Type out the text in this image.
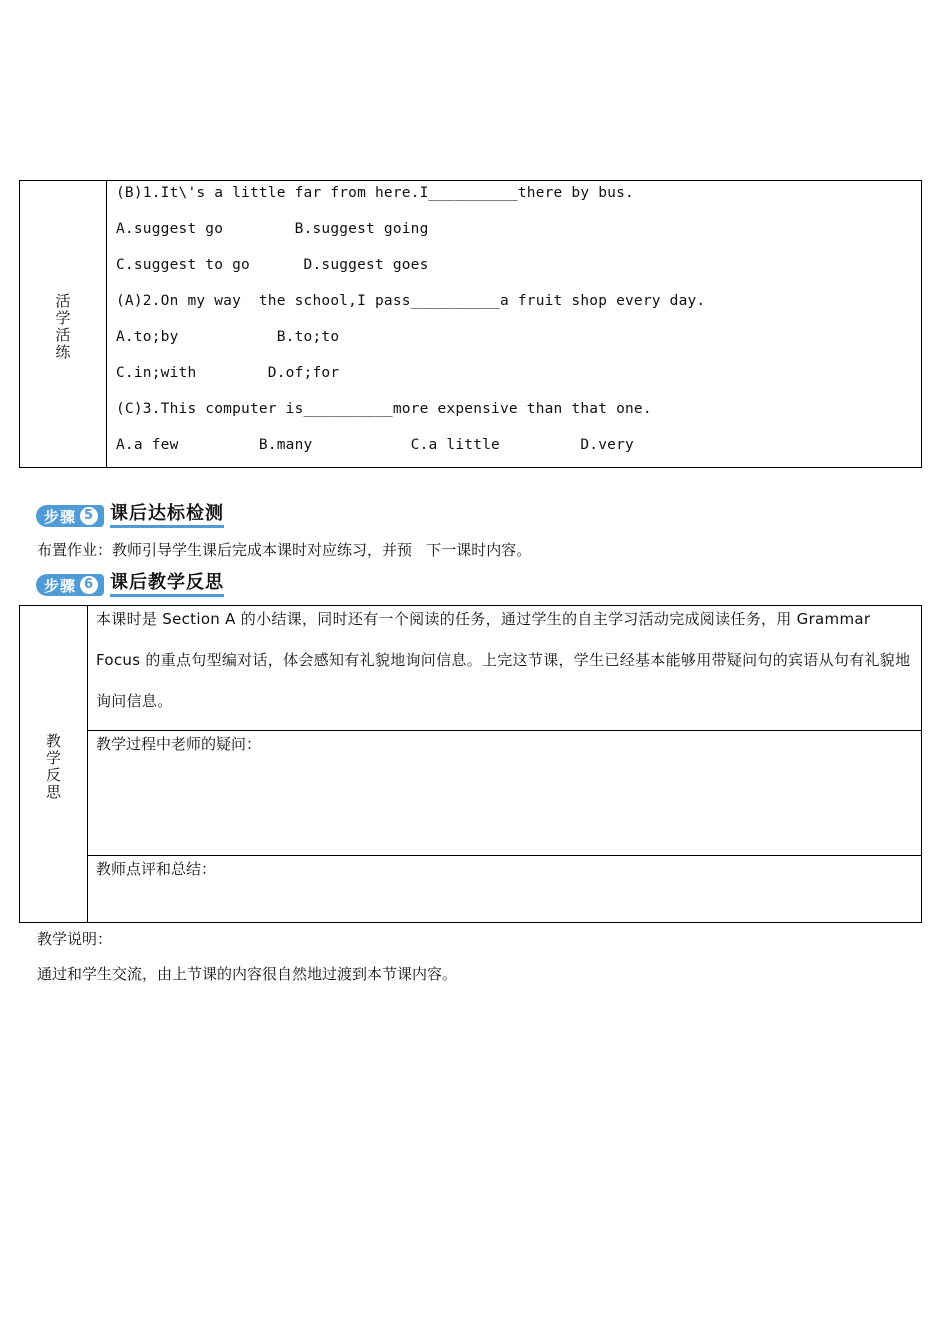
活学活练
(B)1.It\'s a little far from here.I__________there by bus.
A.suggest go        B.suggest going
C.suggest to go      D.suggest goes
(A)2.On my way  the school,I pass__________a fruit shop every day.
A.to;by           B.to;to
C.in;with        D.of;for
(C)3.This computer is__________more expensive than that one.
A.a few         B.many           C.a little         D.very
步骤 5 课后达标检测
布置作业：教师引导学生课后完成本课时对应练习，并预   下一课时内容。
步骤 6 课后教学反思
教学反思
本课时是 Section A 的小结课，同时还有一个阅读的任务，通过学生的自主学习活动完成阅读任务，用 Grammar Focus 的重点句型编对话，体会感知有礼貌地询问信息。上完这节课，学生已经基本能够用带疑问句的宾语从句有礼貌地询问信息。
教学过程中老师的疑问：
教师点评和总结：
教学说明：
通过和学生交流，由上节课的内容很自然地过渡到本节课内容。
